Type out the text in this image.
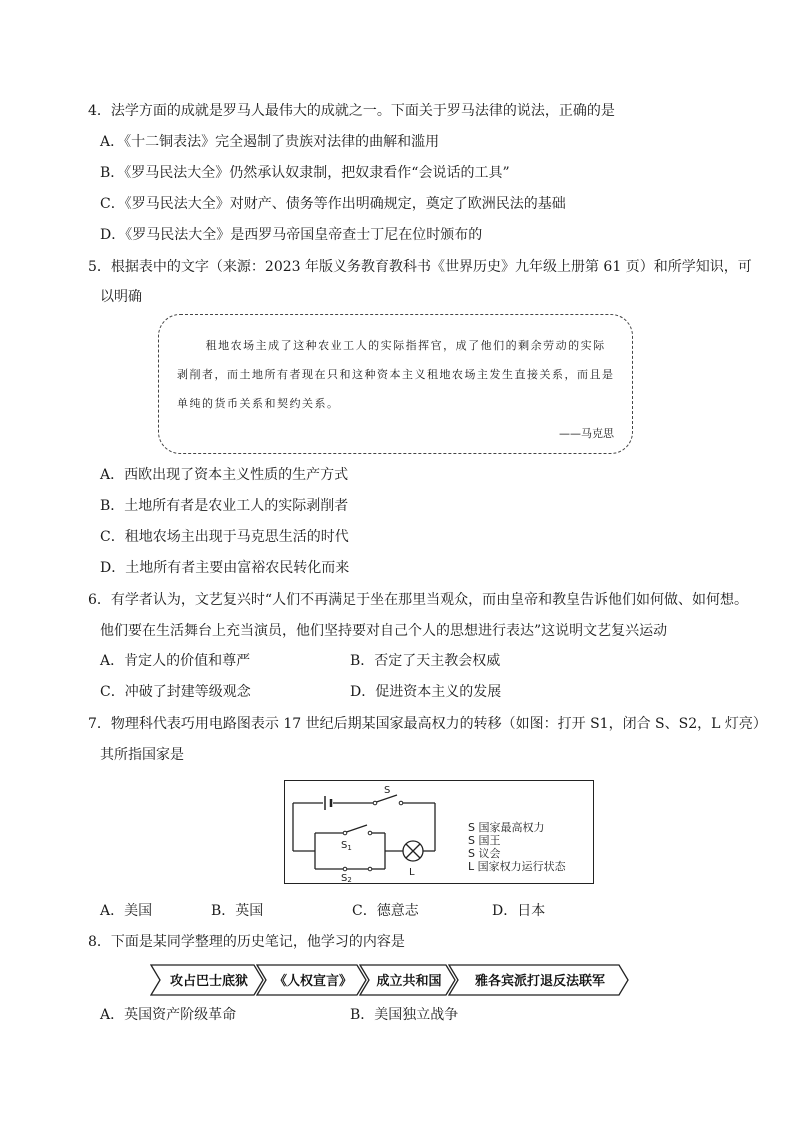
4．法学方面的成就是罗马人最伟大的成就之一。下面关于罗马法律的说法，正确的是
A．《十二铜表法》完全遏制了贵族对法律的曲解和滥用
B．《罗马民法大全》仍然承认奴隶制，把奴隶看作“会说话的工具”
C．《罗马民法大全》对财产、债务等作出明确规定，奠定了欧洲民法的基础
D．《罗马民法大全》是西罗马帝国皇帝查士丁尼在位时颁布的
5．根据表中的文字（来源：2023 年版义务教育教科书《世界历史》九年级上册第 61 页）和所学知识，可
以明确
租地农场主成了这种农业工人的实际指挥官，成了他们的剩余劳动的实际剥削者，而土地所有者现在只和这种资本主义租地农场主发生直接关系，而且是单纯的货币关系和契约关系。
——马克思
A．西欧出现了资本主义性质的生产方式
B．土地所有者是农业工人的实际剥削者
C．租地农场主出现于马克思生活的时代
D．土地所有者主要由富裕农民转化而来
6．有学者认为，文艺复兴时“人们不再满足于坐在那里当观众，而由皇帝和教皇告诉他们如何做、如何想。
他们要在生活舞台上充当演员，他们坚持要对自己个人的思想进行表达”这说明文艺复兴运动
A．肯定人的价值和尊严	B．否定了天主教会权威
C．冲破了封建等级观念	D．促进资本主义的发展
7．物理科代表巧用电路图表示 17 世纪后期某国家最高权力的转移（如图：打开 S1，闭合 S、S2，L 灯亮）
其所指国家是
S
$S_1$
S2
L
S 国家最高权力
S 国王
S 议会
L 国家权力运行状态
A．美国	B．英国	C．德意志	D．日本
8．下面是某同学整理的历史笔记，他学习的内容是
攻占巴士底狱 《人权宣言》 成立共和国	雅各宾派打退反法联军
A．英国资产阶级革命	B．美国独立战争
